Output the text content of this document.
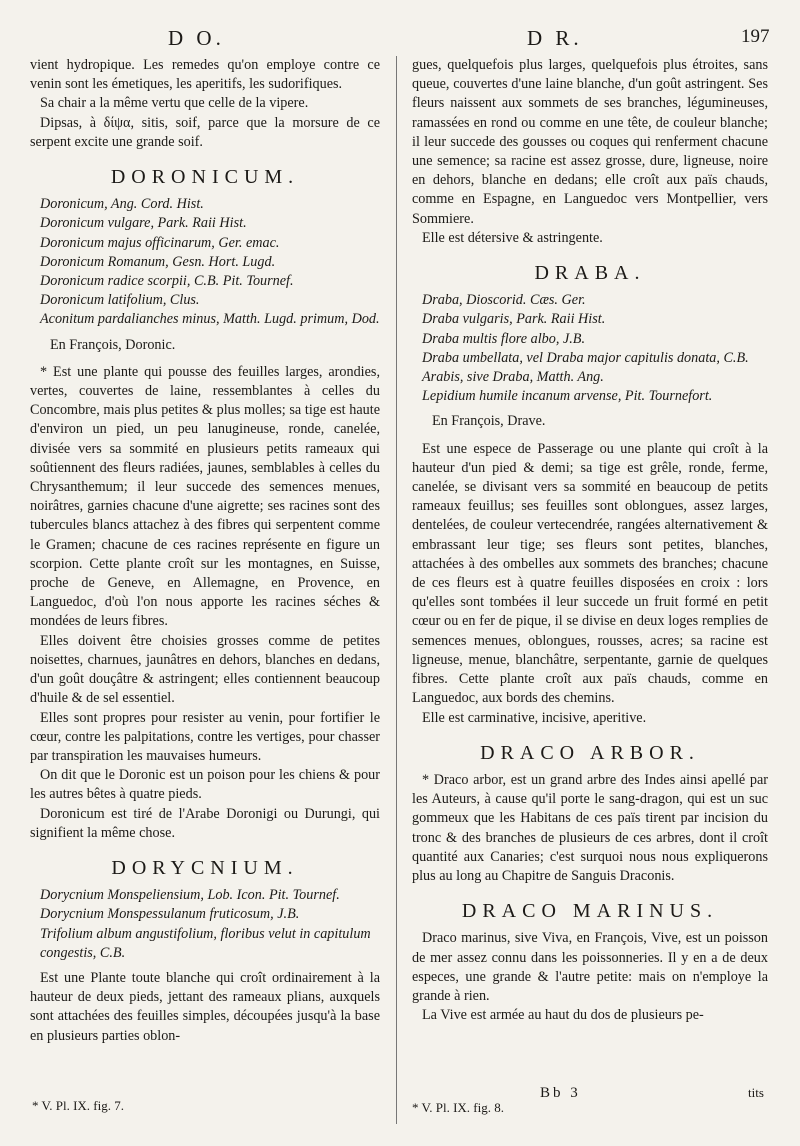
D O.	D R.	197

vient hydropique. Les remedes qu'on employe contre ce venin sont les émetiques, les aperitifs, les sudorifiques.

Sa chair a la même vertu que celle de la vipere.

Dipsas, à δίψα, sitis, soif, parce que la morsure de ce serpent excite une grande soif.

DORONICUM.

Doronicum, Ang. Cord. Hist.

Doronicum vulgare, Park. Raii Hist.

Doronicum majus officinarum, Ger. emac.

Doronicum Romanum, Gesn. Hort. Lugd.

Doronicum radice scorpii, C.B. Pit. Tournef.

Doronicum latifolium, Clus.

Aconitum pardalianches minus, Matth. Lugd. primum, Dod.

En François, Doronic.

* Est une plante qui pousse des feuilles larges, arondies, vertes, couvertes de laine, ressemblantes à celles du Concombre, mais plus petites & plus molles; sa tige est haute d'environ un pied, un peu lanugineuse, ronde, canelée, divisée vers sa sommité en plusieurs petits rameaux qui soûtiennent des fleurs radiées, jaunes, semblables à celles du Chrysanthemum; il leur succede des semences menues, noirâtres, garnies chacune d'une aigrette; ses racines sont des tubercules blancs attachez à des fibres qui serpentent comme le Gramen; chacune de ces racines représente en figure un scorpion. Cette plante croît sur les montagnes, en Suisse, proche de Geneve, en Allemagne, en Provence, en Languedoc, d'où l'on nous apporte les racines séches & mondées de leurs fibres.

Elles doivent être choisies grosses comme de petites noisettes, charnues, jaunâtres en dehors, blanches en dedans, d'un goût douçâtre & astringent; elles contiennent beaucoup d'huile & de sel essentiel.

Elles sont propres pour resister au venin, pour fortifier le cœur, contre les palpitations, contre les vertiges, pour chasser par transpiration les mauvaises humeurs.

On dit que le Doronic est un poison pour les chiens & pour les autres bêtes à quatre pieds.

Doronicum est tiré de l'Arabe Doronigi ou Durungi, qui signifient la même chose.

DORYCNIUM.

Dorycnium Monspeliensium, Lob. Icon. Pit. Tournef.

Dorycnium Monspessulanum fruticosum, J.B.

Trifolium album angustifolium, floribus velut in capitulum congestis, C.B.

Est une Plante toute blanche qui croît ordinairement à la hauteur de deux pieds, jettant des rameaux plians, auxquels sont attachées des feuilles simples, découpées jusqu'à la base en plusieurs parties oblon-

* V. Pl. IX. fig. 7.

gues, quelquefois plus larges, quelquefois plus étroites, sans queue, couvertes d'une laine blanche, d'un goût astringent. Ses fleurs naissent aux sommets de ses branches, légumineuses, ramassées en rond ou comme en une tête, de couleur blanche; il leur succede des gousses ou coques qui renferment chacune une semence; sa racine est assez grosse, dure, ligneuse, noire en dehors, blanche en dedans; elle croît aux païs chauds, comme en Espagne, en Languedoc vers Montpellier, vers Sommiere.

Elle est détersive & astringente.

DRABA.

Draba, Dioscorid. Cæs. Ger.

Draba vulgaris, Park. Raii Hist.

Draba multis flore albo, J.B.

Draba umbellata, vel Draba major capitulis donata, C.B.

Arabis, sive Draba, Matth. Ang.

Lepidium humile incanum arvense, Pit. Tournefort.

En François, Drave.

Est une espece de Passerage ou une plante qui croît à la hauteur d'un pied & demi; sa tige est grêle, ronde, ferme, canelée, se divisant vers sa sommité en beaucoup de petits rameaux feuillus; ses feuilles sont oblongues, assez larges, dentelées, de couleur vertecendrée, rangées alternativement & embrassant leur tige; ses fleurs sont petites, blanches, attachées à des ombelles aux sommets des branches; chacune de ces fleurs est à quatre feuilles disposées en croix : lors qu'elles sont tombées il leur succede un fruit formé en petit cœur ou en fer de pique, il se divise en deux loges remplies de semences menues, oblongues, rousses, acres; sa racine est ligneuse, menue, blanchâtre, serpentante, garnie de quelques fibres. Cette plante croît aux païs chauds, comme en Languedoc, aux bords des chemins.

Elle est carminative, incisive, aperitive.

DRACO ARBOR.

* Draco arbor, est un grand arbre des Indes ainsi apellé par les Auteurs, à cause qu'il porte le sang-dragon, qui est un suc gommeux que les Habitans de ces païs tirent par incision du tronc & des branches de plusieurs de ces arbres, dont il croît quantité aux Canaries; c'est surquoi nous nous expliquerons plus au long au Chapitre de Sanguis Draconis.

DRACO MARINUS.

Draco marinus, sive Viva, en François, Vive, est un poisson de mer assez connu dans les poissonneries. Il y en a de deux especes, une grande & l'autre petite: mais on n'employe la grande à rien.

La Vive est armée au haut du dos de plusieurs pe-

Bb 3	tits
* V. Pl. IX. fig. 8.
